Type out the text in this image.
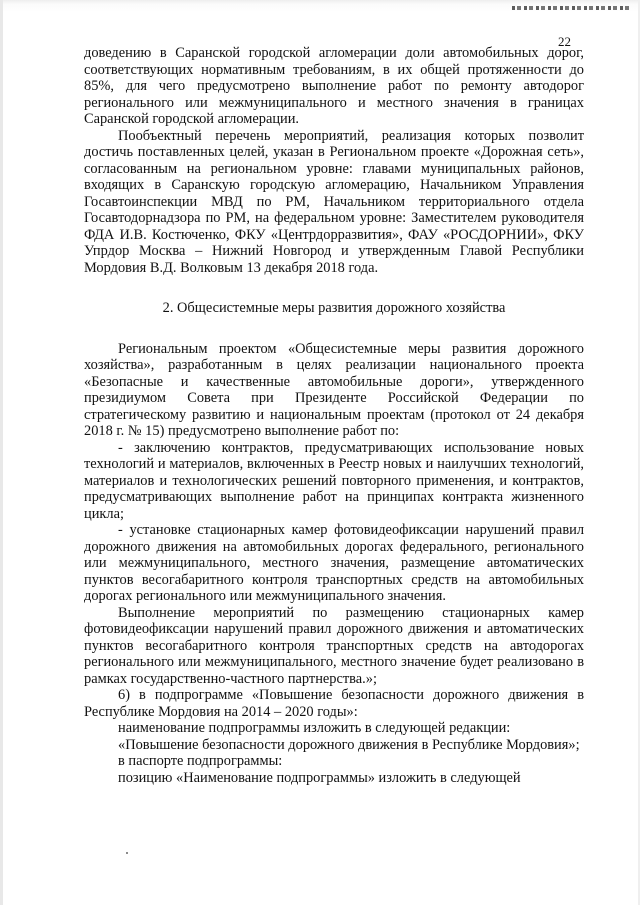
22

доведению в Саранской городской агломерации доли автомобильных дорог, соответствующих нормативным требованиям, в их общей протяженности до 85%, для чего предусмотрено выполнение работ по ремонту автодорог регионального или межмуниципального и местного значения в границах Саранской городской агломерации.

Пообъектный перечень мероприятий, реализация которых позволит достичь поставленных целей, указан в Региональном проекте «Дорожная сеть», согласованным на региональном уровне: главами муниципальных районов, входящих в Саранскую городскую агломерацию, Начальником Управления Госавтоинспекции МВД по РМ, Начальником территориального отдела Госавтодорнадзора по РМ, на федеральном уровне: Заместителем руководителя ФДА И.В. Костюченко, ФКУ «Центрдорразвития», ФАУ «РОСДОРНИИ», ФКУ Упрдор Москва – Нижний Новгород и утвержденным Главой Республики Мордовия В.Д. Волковым 13 декабря 2018 года.

2. Общесистемные меры развития дорожного хозяйства

Региональным проектом «Общесистемные меры развития дорожного хозяйства», разработанным в целях реализации национального проекта «Безопасные и качественные автомобильные дороги», утвержденного президиумом Совета при Президенте Российской Федерации по стратегическому развитию и национальным проектам (протокол от 24 декабря 2018 г. № 15) предусмотрено выполнение работ по:

- заключению контрактов, предусматривающих использование новых технологий и материалов, включенных в Реестр новых и наилучших технологий, материалов и технологических решений повторного применения, и контрактов, предусматривающих выполнение работ на принципах контракта жизненного цикла;

- установке стационарных камер фотовидеофиксации нарушений правил дорожного движения на автомобильных дорогах федерального, регионального или межмуниципального, местного значения, размещение автоматических пунктов весогабаритного контроля транспортных средств на автомобильных дорогах регионального или межмуниципального значения.

Выполнение мероприятий по размещению стационарных камер фотовидеофиксации нарушений правил дорожного движения и автоматических пунктов весогабаритного контроля транспортных средств на автодорогах регионального или межмуниципального, местного значение будет реализовано в рамках государственно-частного партнерства.»;

6) в подпрограмме «Повышение безопасности дорожного движения в Республике Мордовия на 2014 – 2020 годы»:

наименование подпрограммы изложить в следующей редакции:

«Повышение безопасности дорожного движения в Республике Мордовия»;

в паспорте подпрограммы:

позицию «Наименование подпрограммы» изложить в следующей
